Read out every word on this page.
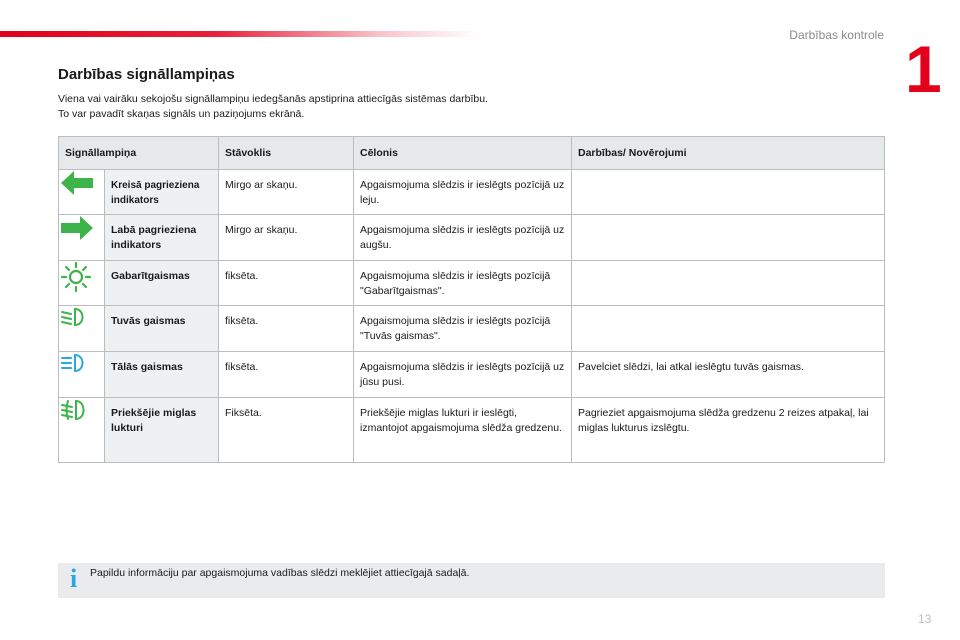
Darbības kontrole 1
Darbības signāllampiņas

Viena vai vairāku sekojošu signāllampiņu iedegšanās apstiprina attiecīgās sistēmas darbību.

To var pavadīt skaņas signāls un paziņojums ekrānā.

Signāllampiņa		Stāvoklis	Cēlonis	Darbības/ Novērojumi
	Kreisā pagrieziena indikators	Mirgo ar skaņu.	Apgaismojuma slēdzis ir ieslēgts pozīcijā uz leju.	
	Labā pagrieziena indikators	Mirgo ar skaņu.	Apgaismojuma slēdzis ir ieslēgts pozīcijā uz augšu.	
	Gabarītgaismas	fiksēta.	Apgaismojuma slēdzis ir ieslēgts pozīcijā "Gabarītgaismas".	
	Tuvās gaismas	fiksēta.	Apgaismojuma slēdzis ir ieslēgts pozīcijā "Tuvās gaismas".	
	Tālās gaismas	fiksēta.	Apgaismojuma slēdzis ir ieslēgts pozīcijā uz jūsu pusi.	Pavelciet slēdzi, lai atkal ieslēgtu tuvās gaismas.
	Priekšējie miglas lukturi	Fiksēta.	Priekšējie miglas lukturi ir ieslēgti, izmantojot apgaismojuma slēdža gredzenu.	Pagrieziet apgaismojuma slēdža gredzenu 2 reizes atpakaļ, lai miglas lukturus izslēgtu.
i Papildu informāciju par apgaismojuma vadības slēdzi meklējiet attiecīgajā sadaļā.
13
